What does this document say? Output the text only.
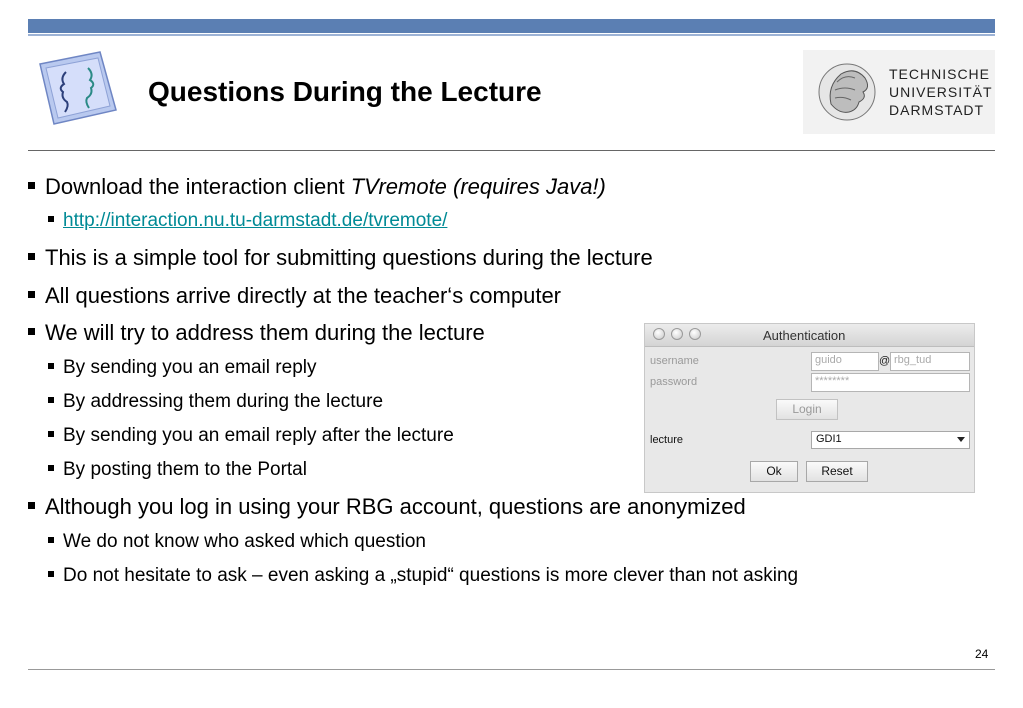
Questions During the Lecture
TECHNISCHE
UNIVERSITÄT
DARMSTADT
Download the interaction client TVremote (requires Java!)
http://interaction.nu.tu-darmstadt.de/tvremote/
This is a simple tool for submitting questions during the lecture
All questions arrive directly at the teacher‘s computer
We will try to address them during the lecture
By sending you an email reply
By addressing them during the lecture
By sending you an email reply after the lecture
By posting them to the Portal
Although you log in using your RBG account, questions are anonymized
We do not know who asked which question
Do not hesitate to ask – even asking a „stupid“ questions is more clever than not asking
Authentication
username	guido	@ rbg_tud
password	********
Login
lecture	GDI1
Ok	Reset
24
